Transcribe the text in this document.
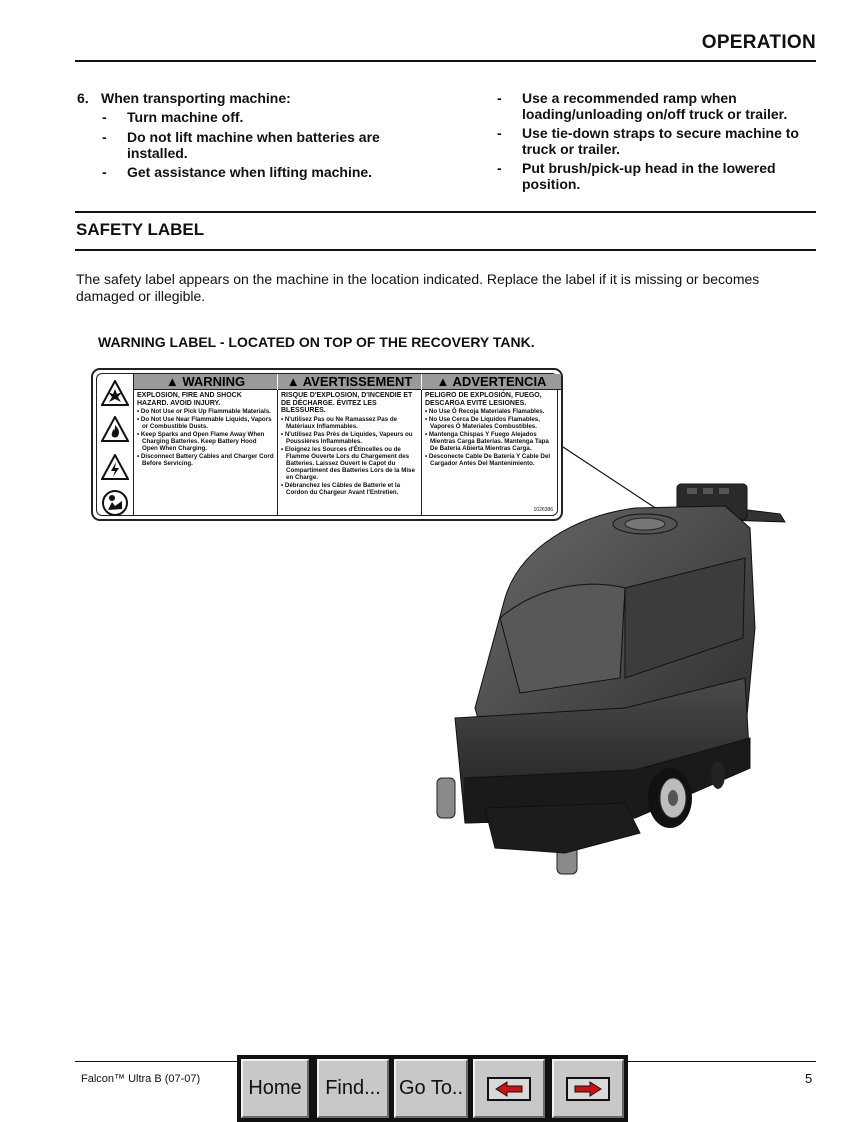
OPERATION
6. When transporting machine:
- Turn machine off.
- Do not lift machine when batteries are installed.
- Get assistance when lifting machine.
- Use a recommended ramp when loading/unloading on/off truck or trailer.
- Use tie-down straps to secure machine to truck or trailer.
- Put brush/pick-up head in the lowered position.
SAFETY LABEL
The safety label appears on the machine in the location indicated. Replace the label if it is missing or becomes damaged or illegible.
WARNING LABEL - LOCATED ON TOP OF THE RECOVERY TANK.
▲ WARNING	▲ AVERTISSEMENT	▲ ADVERTENCIA
EXPLOSION, FIRE AND SHOCK HAZARD. AVOID INJURY.
• Do Not Use or Pick Up Flammable Materials.
• Do Not Use Near Flammable Liquids, Vapors or Combustible Dusts.
• Keep Sparks and Open Flame Away When Charging Batteries. Keep Battery Hood Open When Charging.
• Disconnect Battery Cables and Charger Cord Before Servicing.
RISQUE D'EXPLOSION, D'INCENDIE ET DE DÉCHARGE. ÉVITEZ LES BLESSURES.
• N'utilisez Pas ou Ne Ramassez Pas de Matériaux Inflammables.
• N'utilisez Pas Près de Liquides, Vapeurs ou Poussières Inflammables.
• Eloignez les Sources d'Étincelles ou de Flamme Ouverte Lors du Chargement des Batteries. Laissez Ouvert le Capot du Compartiment des Batteries Lors de la Mise en Charge.
• Débranchez les Câbles de Batterie et la Cordon du Chargeur Avant l'Entretien.
PELIGRO DE EXPLOSIÓN, FUEGO, DESCARGA EVITE LESIONES.
• No Use Ó Recoja Materiales Flamables.
• No Use Cerca De Líquidos Flamables, Vapores Ó Materiales Combustibles.
• Mantenga Chispas Y Fuego Alejados Mientras Carga Baterías. Mantenga Tapa De Batería Abierta Mientras Carga.
• Desconecte Cable De Batería Y Cable Del Cargador Antes Del Mantenimiento.
1026386
Falcon™ Ultra B (07-07)	5
Home	Find... Go To..
